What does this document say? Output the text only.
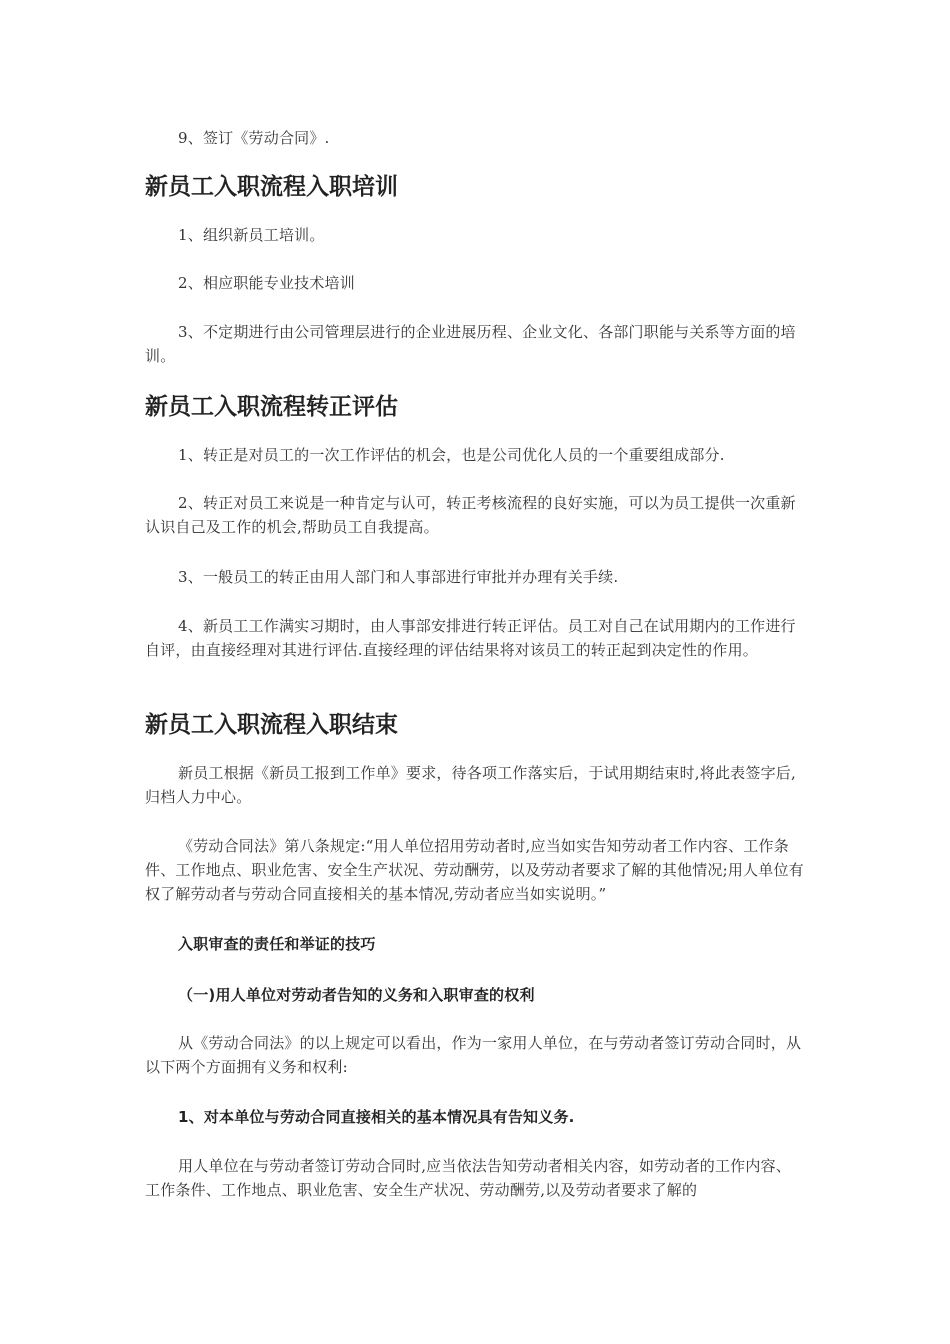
9、签订《劳动合同》.

新员工入职流程入职培训

1、组织新员工培训。

2、相应职能专业技术培训

3、不定期进行由公司管理层进行的企业进展历程、企业文化、各部门职能与关系等方面的培训。

新员工入职流程转正评估

1、转正是对员工的一次工作评估的机会，也是公司优化人员的一个重要组成部分.

2、转正对员工来说是一种肯定与认可，转正考核流程的良好实施，可以为员工提供一次重新认识自己及工作的机会,帮助员工自我提高。

3、一般员工的转正由用人部门和人事部进行审批并办理有关手续.

4、新员工工作满实习期时，由人事部安排进行转正评估。员工对自己在试用期内的工作进行自评，由直接经理对其进行评估.直接经理的评估结果将对该员工的转正起到决定性的作用。

新员工入职流程入职结束

新员工根据《新员工报到工作单》要求，待各项工作落实后，于试用期结束时,将此表签字后,归档人力中心。

《劳动合同法》第八条规定:“用人单位招用劳动者时,应当如实告知劳动者工作内容、工作条件、工作地点、职业危害、安全生产状况、劳动酬劳，以及劳动者要求了解的其他情况;用人单位有权了解劳动者与劳动合同直接相关的基本情况,劳动者应当如实说明。”

入职审查的责任和举证的技巧

（一)用人单位对劳动者告知的义务和入职审查的权利

从《劳动合同法》的以上规定可以看出，作为一家用人单位，在与劳动者签订劳动合同时，从以下两个方面拥有义务和权利:

1、对本单位与劳动合同直接相关的基本情况具有告知义务.

用人单位在与劳动者签订劳动合同时,应当依法告知劳动者相关内容，如劳动者的工作内容、工作条件、工作地点、职业危害、安全生产状况、劳动酬劳,以及劳动者要求了解的
